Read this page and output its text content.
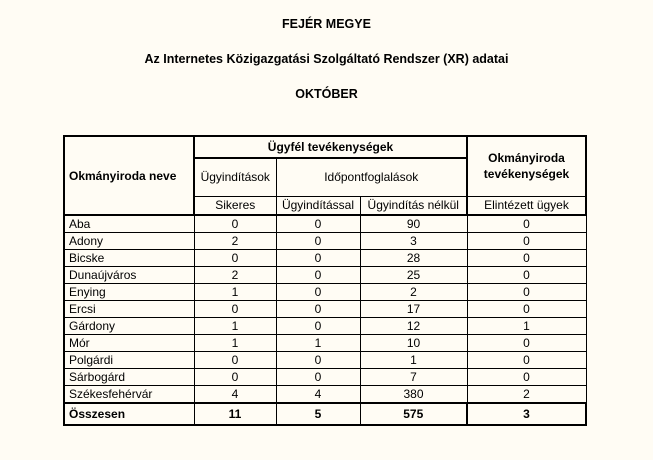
FEJÉR MEGYE
Az Internetes Közigazgatási Szolgáltató Rendszer (XR) adatai
OKTÓBER
Okmányiroda neve	Ügyfél tevékenységek			Okmányiroda tevékenységek
	Ügyindítások	Időpontfoglalások		
	Sikeres	Ügyindítással	Ügyindítás nélkül	Elintézett ügyek
Aba	0	0	90	0
Adony	2	0	3	0
Bicske	0	0	28	0
Dunaújváros	2	0	25	0
Enying	1	0	2	0
Ercsi	0	0	17	0
Gárdony	1	0	12	1
Mór	1	1	10	0
Polgárdi	0	0	1	0
Sárbogárd	0	0	7	0
Székesfehérvár	4	4	380	2
Összesen	11	5	575	3
